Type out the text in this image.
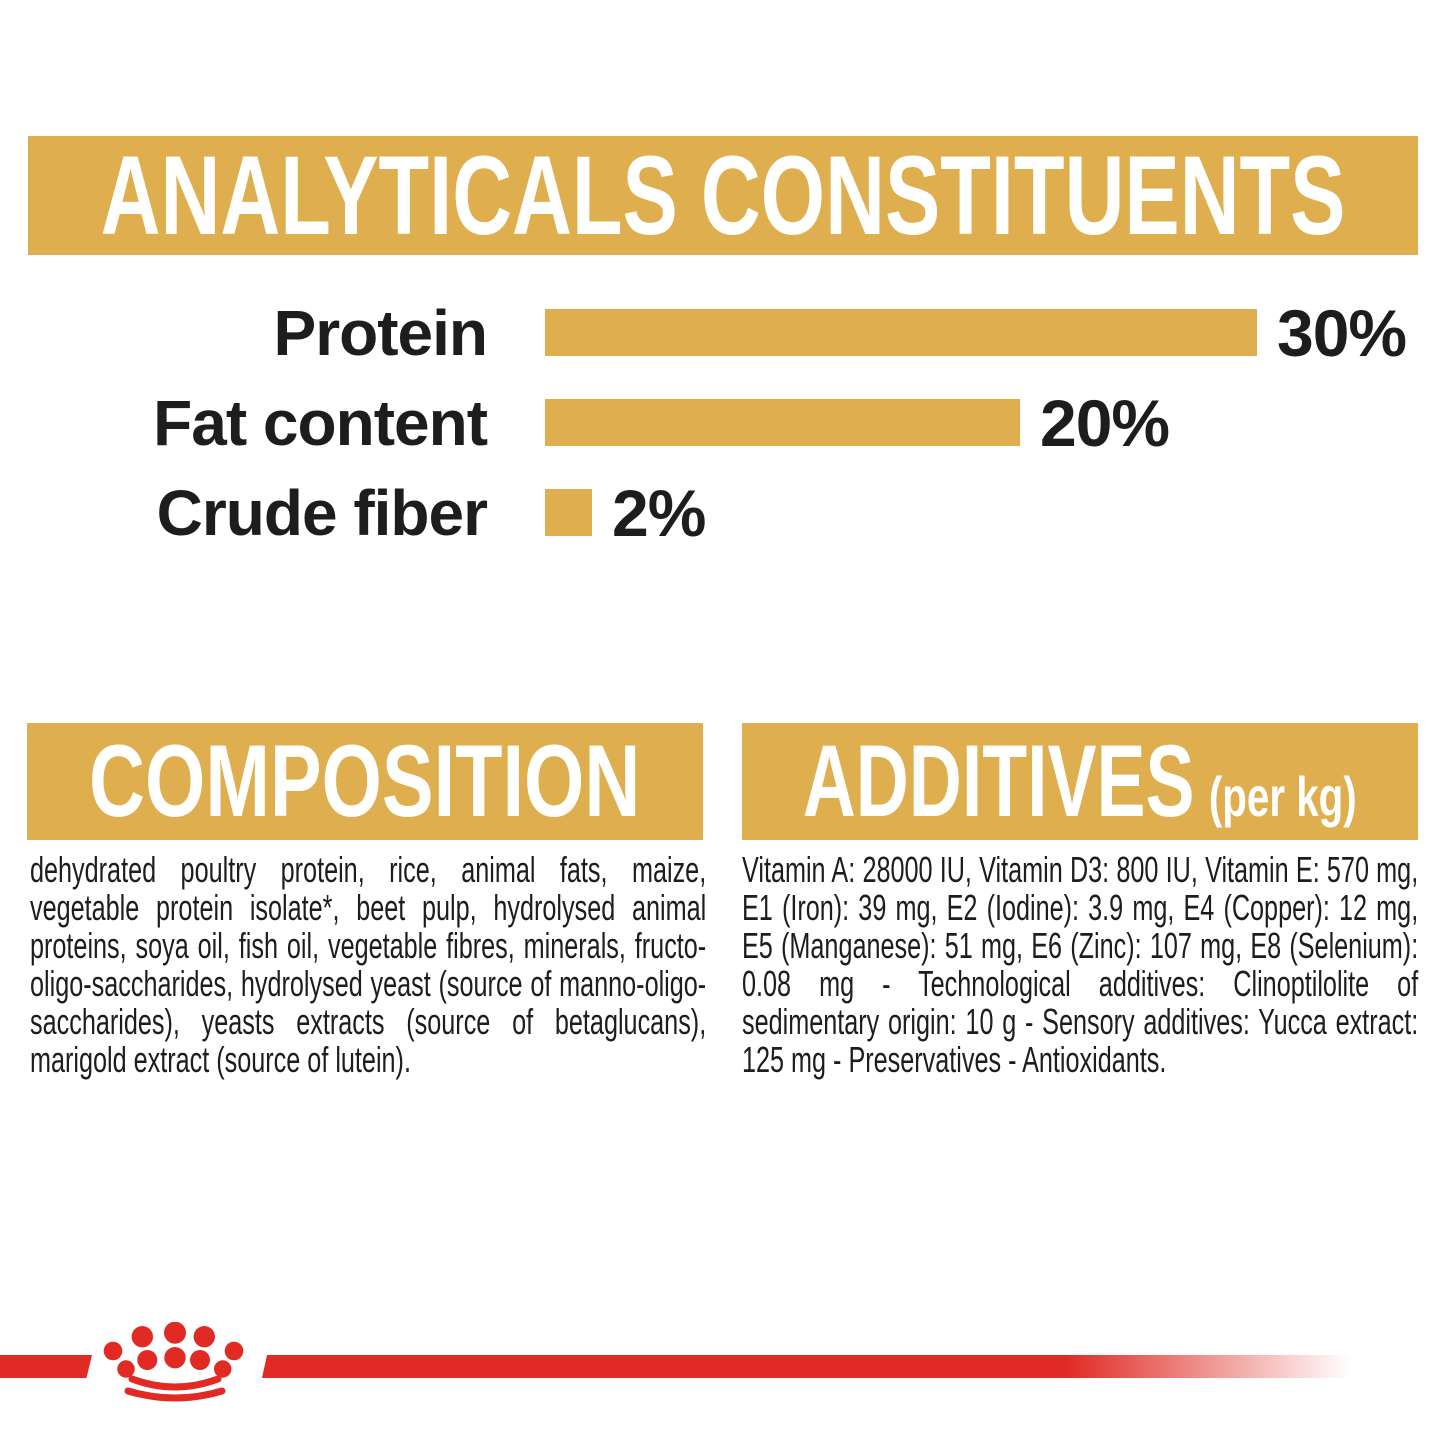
ANALYTICALS CONSTITUENTS
Protein	30%
Fat content	20%
Crude fiber 2%
COMPOSITION

dehydrated poultry protein, rice, animal fats, maize, vegetable protein isolate*, beet pulp, hydrolysed animal proteins, soya oil, fish oil, vegetable fibres, minerals, fructo-oligo-saccharides, hydrolysed yeast (source of manno-oligo-saccharides), yeasts extracts (source of betaglucans), marigold extract (source of lutein).

ADDITIVES (per kg)

Vitamin A: 28000 IU, Vitamin D3: 800 IU, Vitamin E: 570 mg, E1 (Iron): 39 mg, E2 (Iodine): 3.9 mg, E4 (Copper): 12 mg, E5 (Manganese): 51 mg, E6 (Zinc): 107 mg, E8 (Selenium): 0.08 mg - Technological additives: Clinoptilolite of sedimentary origin: 10 g - Sensory additives: Yucca extract: 125 mg - Preservatives - Antioxidants.
